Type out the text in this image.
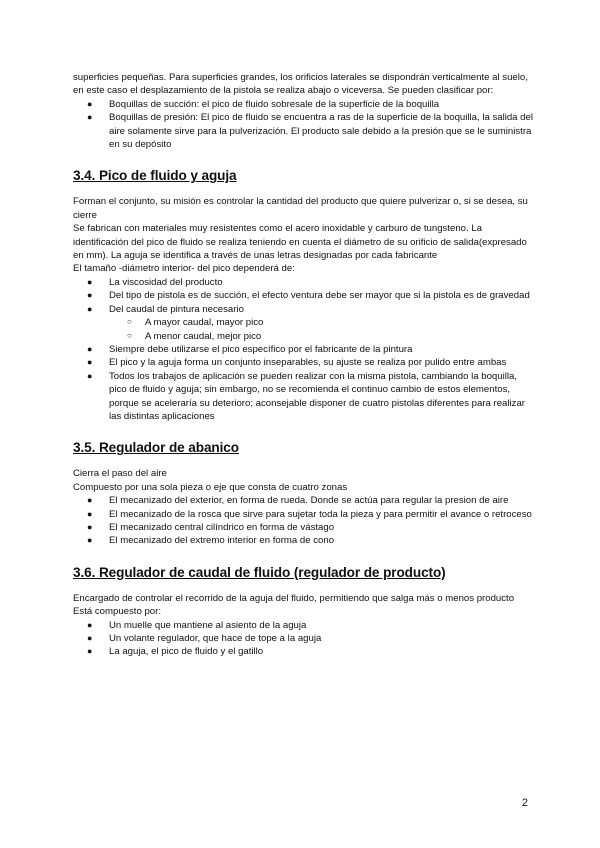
superficies pequeñas. Para superficies grandes, los orificios laterales se dispondrán verticalmente al suelo, en este caso el desplazamiento de la pistola se realiza abajo o viceversa. Se pueden clasificar por:

● Boquillas de succión: el pico de fluido sobresale de la superficie de la boquilla
● Boquillas de presión: El pico de fluido se encuentra a ras de la superficie de la boquilla, la salida del aire solamente sirve para la pulverización. El producto sale debido a la presión que se le suministra en su depósito
3.4. Pico de fluido y aguja

Forman el conjunto, su misión es controlar la cantidad del producto que quiere pulverizar o, si se desea, su cierre

Se fabrican con materiales muy resistentes como el acero inoxidable y carburo de tungsteno. La identificación del pico de fluido se realiza teniendo en cuenta el diámetro de su orificio de salida(expresado en mm). La aguja se identifica a través de unas letras designadas por cada fabricante

El tamaño -diámetro interior- del pico dependerá de:

● La viscosidad del producto
● Del tipo de pistola es de succión, el efecto ventura debe ser mayor que si la pistola es de gravedad
● Del caudal de pintura necesario
○ A mayor caudal, mayor pico
○ A menor caudal, mejor pico
● Siempre debe utilizarse el pico específico por el fabricante de la pintura
● El pico y la aguja forma un conjunto inseparables, su ajuste se realiza por pulido entre ambas
● Todos los trabajos de aplicación se pueden realizar con la misma pistola, cambiando la boquilla, pico de fluido y aguja; sin embargo, no se recomienda el continuo cambio de estos elementos, porque se aceleraría su deterioro; aconsejable disponer de cuatro pistolas diferentes para realizar las distintas aplicaciones
3.5. Regulador de abanico

Cierra el paso del aire

Compuesto por una sola pieza o eje que consta de cuatro zonas

● El mecanizado del exterior, en forma de rueda. Donde se actúa para regular la presion de aire
● El mecanizado de la rosca que sirve para sujetar toda la pieza y para permitir el avance o retroceso
● El mecanizado central cilíndrico en forma de vástago
● El mecanizado del extremo interior en forma de cono
3.6. Regulador de caudal de fluido (regulador de producto)

Encargado de controlar el recorrido de la aguja del fluido, permitiendo que salga más o menos producto

Está compuesto por:

● Un muelle que mantiene al asiento de la aguja
● Un volante regulador, que hace de tope a la aguja
● La aguja, el pico de fluido y el gatillo
2
